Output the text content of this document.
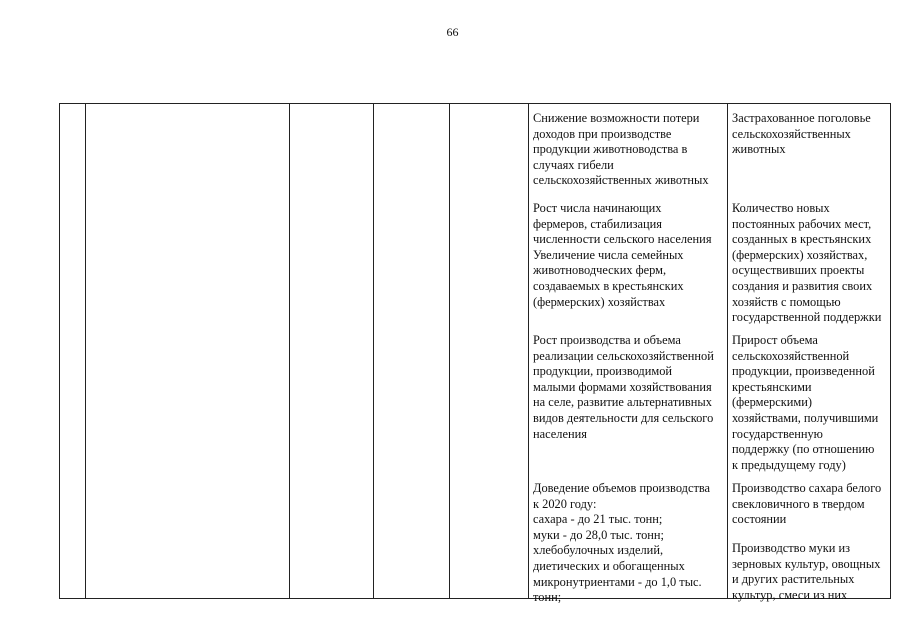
66
Снижение возможности потери
доходов при производстве
продукции животноводства в
случаях гибели
сельскохозяйственных животных
Застрахованное поголовье
сельскохозяйственных
животных
Рост числа начинающих
фермеров, стабилизация
численности сельского населения
Увеличение числа семейных
животноводческих ферм,
создаваемых в крестьянских
(фермерских) хозяйствах
Количество новых
постоянных рабочих мест,
созданных в крестьянских
(фермерских) хозяйствах,
осуществивших проекты
создания и развития своих
хозяйств с помощью
государственной поддержки
Рост производства и объема
реализации сельскохозяйственной
продукции, производимой
малыми формами хозяйствования
на селе, развитие альтернативных
видов деятельности для сельского
населения
Прирост объема
сельскохозяйственной
продукции, произведенной
крестьянскими
(фермерскими)
хозяйствами, получившими
государственную
поддержку (по отношению
к предыдущему году)
Доведение объемов производства
к 2020 году:
сахара - до 21 тыс. тонн;
муки - до 28,0 тыс. тонн;
хлебобулочных изделий,
диетических и обогащенных
микронутриентами - до 1,0 тыс.
тонн;
Производство сахара белого
свекловичного в твердом
состоянии
Производство муки из
зерновых культур, овощных
и других растительных
культур, смеси из них
